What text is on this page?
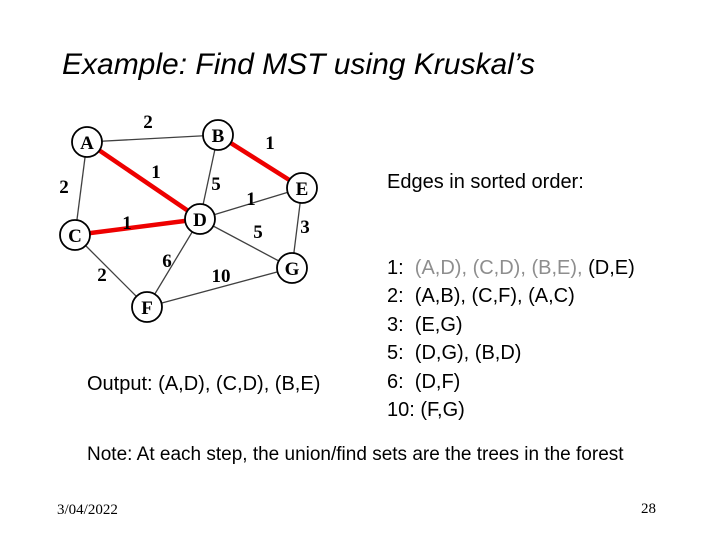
Example: Find MST using Kruskal’s
2
2
1
5
1
1
2
1
6
5 3
10
A	B
C
D
E
F
G

Edges in sorted order:

1:  (A,D), (C,D), (B,E), (D,E)
2:  (A,B), (C,F), (A,C)
3:  (E,G)
5:  (D,G), (B,D)
6:  (D,F)
10: (F,G)

Output: (A,D), (C,D), (B,E)
Note: At each step, the union/find sets are the trees in the forest
3/04/2022	28
